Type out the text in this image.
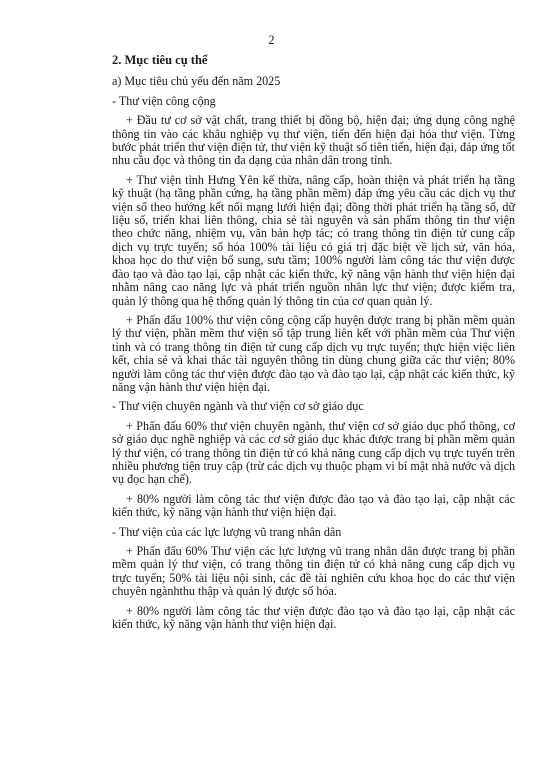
2

2. Mục tiêu cụ thể

a) Mục tiêu chủ yếu đến năm 2025

- Thư viện công cộng

+ Đầu tư cơ sở vật chất, trang thiết bị đồng bộ, hiện đại; ứng dụng công nghệ thông tin vào các khâu nghiệp vụ thư viện, tiến đến hiện đại hóa thư viện. Từng bước phát triển thư viện điện tử, thư viện kỹ thuật số tiên tiến, hiện đại, đáp ứng tốt nhu cầu đọc và thông tin đa dạng của nhân dân trong tỉnh.

+ Thư viện tỉnh Hưng Yên kế thừa, nâng cấp, hoàn thiện và phát triển hạ tầng kỹ thuật (hạ tầng phần cứng, hạ tầng phần mềm) đáp ứng yêu cầu các dịch vụ thư viện số theo hướng kết nối mạng lưới hiện đại; đồng thời phát triển hạ tầng số, dữ liệu số, triển khai liên thông, chia sẻ tài nguyên và sản phẩm thông tin thư viện theo chức năng, nhiệm vụ, văn bản hợp tác; có trang thông tin điện tử cung cấp dịch vụ trực tuyến; số hóa 100% tài liệu có giá trị đặc biệt về lịch sử, văn hóa, khoa học do thư viện bổ sung, sưu tầm; 100% người làm công tác thư viện được đào tạo và đào tạo lại, cập nhật các kiến thức, kỹ năng vận hành thư viện hiện đại nhằm nâng cao năng lực và phát triển nguồn nhân lực thư viện; được kiểm tra, quản lý thông qua hệ thống quản lý thông tin của cơ quan quản lý.

+ Phấn đấu 100% thư viện công cộng cấp huyện được trang bị phần mềm quản lý thư viện, phần mềm thư viện số tập trung liên kết với phần mềm của Thư viện tỉnh và có trang thông tin điện tử cung cấp dịch vụ trực tuyến; thực hiện việc liên kết, chia sẻ và khai thác tài nguyên thông tin dùng chung giữa các thư viện; 80% người làm công tác thư viện được đào tạo và đào tạo lại, cập nhật các kiến thức, kỹ năng vận hành thư viện hiện đại.

- Thư viện chuyên ngành và thư viện cơ sở giáo dục

+ Phấn đấu 60% thư viện chuyên ngành, thư viện cơ sở giáo dục phổ thông, cơ sở giáo dục nghề nghiệp và các cơ sở giáo dục khác được trang bị phần mềm quản lý thư viện, có trang thông tin điện tử có khả năng cung cấp dịch vụ trực tuyến trên nhiều phương tiện truy cập (trừ các dịch vụ thuộc phạm vi bí mật nhà nước và dịch vụ đọc hạn chế).

+ 80% người làm công tác thư viện được đào tạo và đào tạo lại, cập nhật các kiến thức, kỹ năng vận hành thư viện hiện đại.

- Thư viện của các lực lượng vũ trang nhân dân

+ Phấn đấu 60% Thư viện các lực lượng vũ trang nhân dân được trang bị phần mềm quản lý thư viện, có trang thông tin điện tử có khả năng cung cấp dịch vụ trực tuyến; 50% tài liệu nội sinh, các đề tài nghiên cứu khoa học do các thư viện chuyên ngànhthu thập và quản lý được số hóa.

+ 80% người làm công tác thư viện được đào tạo và đào tạo lại, cập nhật các kiến thức, kỹ năng vận hành thư viện hiện đại.
